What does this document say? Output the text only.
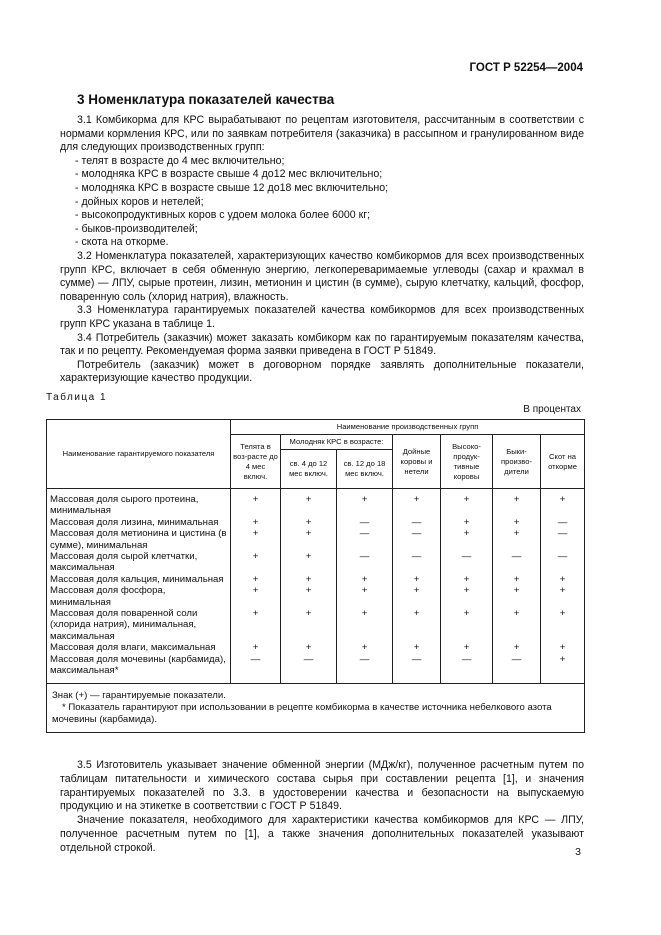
ГОСТ Р 52254—2004
3 Номенклатура показателей качества

3.1 Комбикорма для КРС вырабатывают по рецептам изготовителя, рассчитанным в соответствии с нормами кормления КРС, или по заявкам потребителя (заказчика) в рассыпном и гранулированном виде для следующих производственных групп:

- телят в возрасте до 4 мес включительно;

- молодняка КРС в возрасте свыше 4 до12 мес включительно;

- молодняка КРС в возрасте свыше 12 до18 мес включительно;

- дойных коров и нетелей;

- высокопродуктивных коров с удоем молока более 6000 кг;

- быков-производителей;

- скота на откорме.

3.2 Номенклатура показателей, характеризующих качество комбикормов для всех производственных групп КРС, включает в себя обменную энергию, легкопереваримаемые углеводы (сахар и крахмал в сумме) — ЛПУ, сырые протеин, лизин, метионин и цистин (в сумме), сырую клетчатку, кальций, фосфор, поваренную соль (хлорид натрия), влажность.

3.3 Номенклатура гарантируемых показателей качества комбикормов для всех производственных групп КРС указана в таблице 1.

3.4 Потребитель (заказчик) может заказать комбикорм как по гарантируемым показателям качества, так и по рецепту. Рекомендуемая форма заявки приведена в ГОСТ Р 51849.

Потребитель (заказчик) может в договорном порядке заявлять дополнительные показатели, характеризующие качество продукции.

Таблица 1
В процентах
Наименование гарантируемого показателя	Наименование производственных групп						
	Телята в воз-расте до 4 мес включ.	Молодняк КРС в возрасте:		Дойные коровы и нетели	Высоко-продук-тивные коровы	Быки-произво-дители	Скот на откорме
		св. 4 до 12 мес включ.	св. 12 до 18 мес включ.				
Массовая доля сырого протеина, минимальная	+	+	+	+	+	+	+
Массовая доля лизина, минимальная	+	+	—	—	+	+	—
Массовая доля метионина и цистина (в сумме), минимальная	+	+	—	—	+	+	—
Массовая доля сырой клетчатки, максимальная	+	+	—	—	—	—	—
Массовая доля кальция, минимальная	+	+	+	+	+	+	+
Массовая доля фосфора, минимальная	+	+	+	+	+	+	+
Массовая доля поваренной соли (хлорида натрия), минимальная, максимальная	+	+	+	+	+	+	+
Массовая доля влаги, максимальная	+	+	+	+	+	+	+
Массовая доля мочевины (карбамида), максимальная*	—	—	—	—	—	—	+

Знак (+) — гарантируемые показатели.

* Показатель гарантируют при использовании в рецепте комбикорма в качестве источника небелкового азота мочевины (карбамида).							

3.5 Изготовитель указывает значение обменной энергии (МДж/кг), полученное расчетным путем по таблицам питательности и химического состава сырья при составлении рецепта [1], и значения гарантируемых показателей по 3.3. в удостоверении качества и безопасности на выпускаемую продукцию и на этикетке в соответствии с ГОСТ Р 51849.

Значение показателя, необходимого для характеристики качества комбикормов для КРС — ЛПУ, полученное расчетным путем по [1], а также значения дополнительных показателей указывают отдельной строкой.	3
